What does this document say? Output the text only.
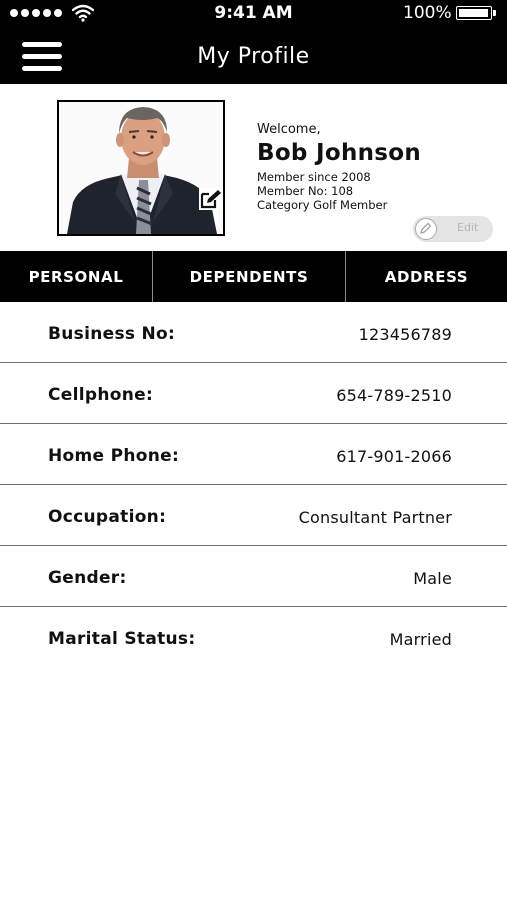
9:41 AM	100%
My Profile
Welcome,
Bob Johnson
Member since 2008
Member No: 108
Category Golf Member
Edit
PERSONAL	DEPENDENTS	ADDRESS
Business No:	123456789
Cellphone:	654-789-2510
Home Phone:	617-901-2066
Occupation:	Consultant Partner
Gender:	Male
Marital Status:	Married
